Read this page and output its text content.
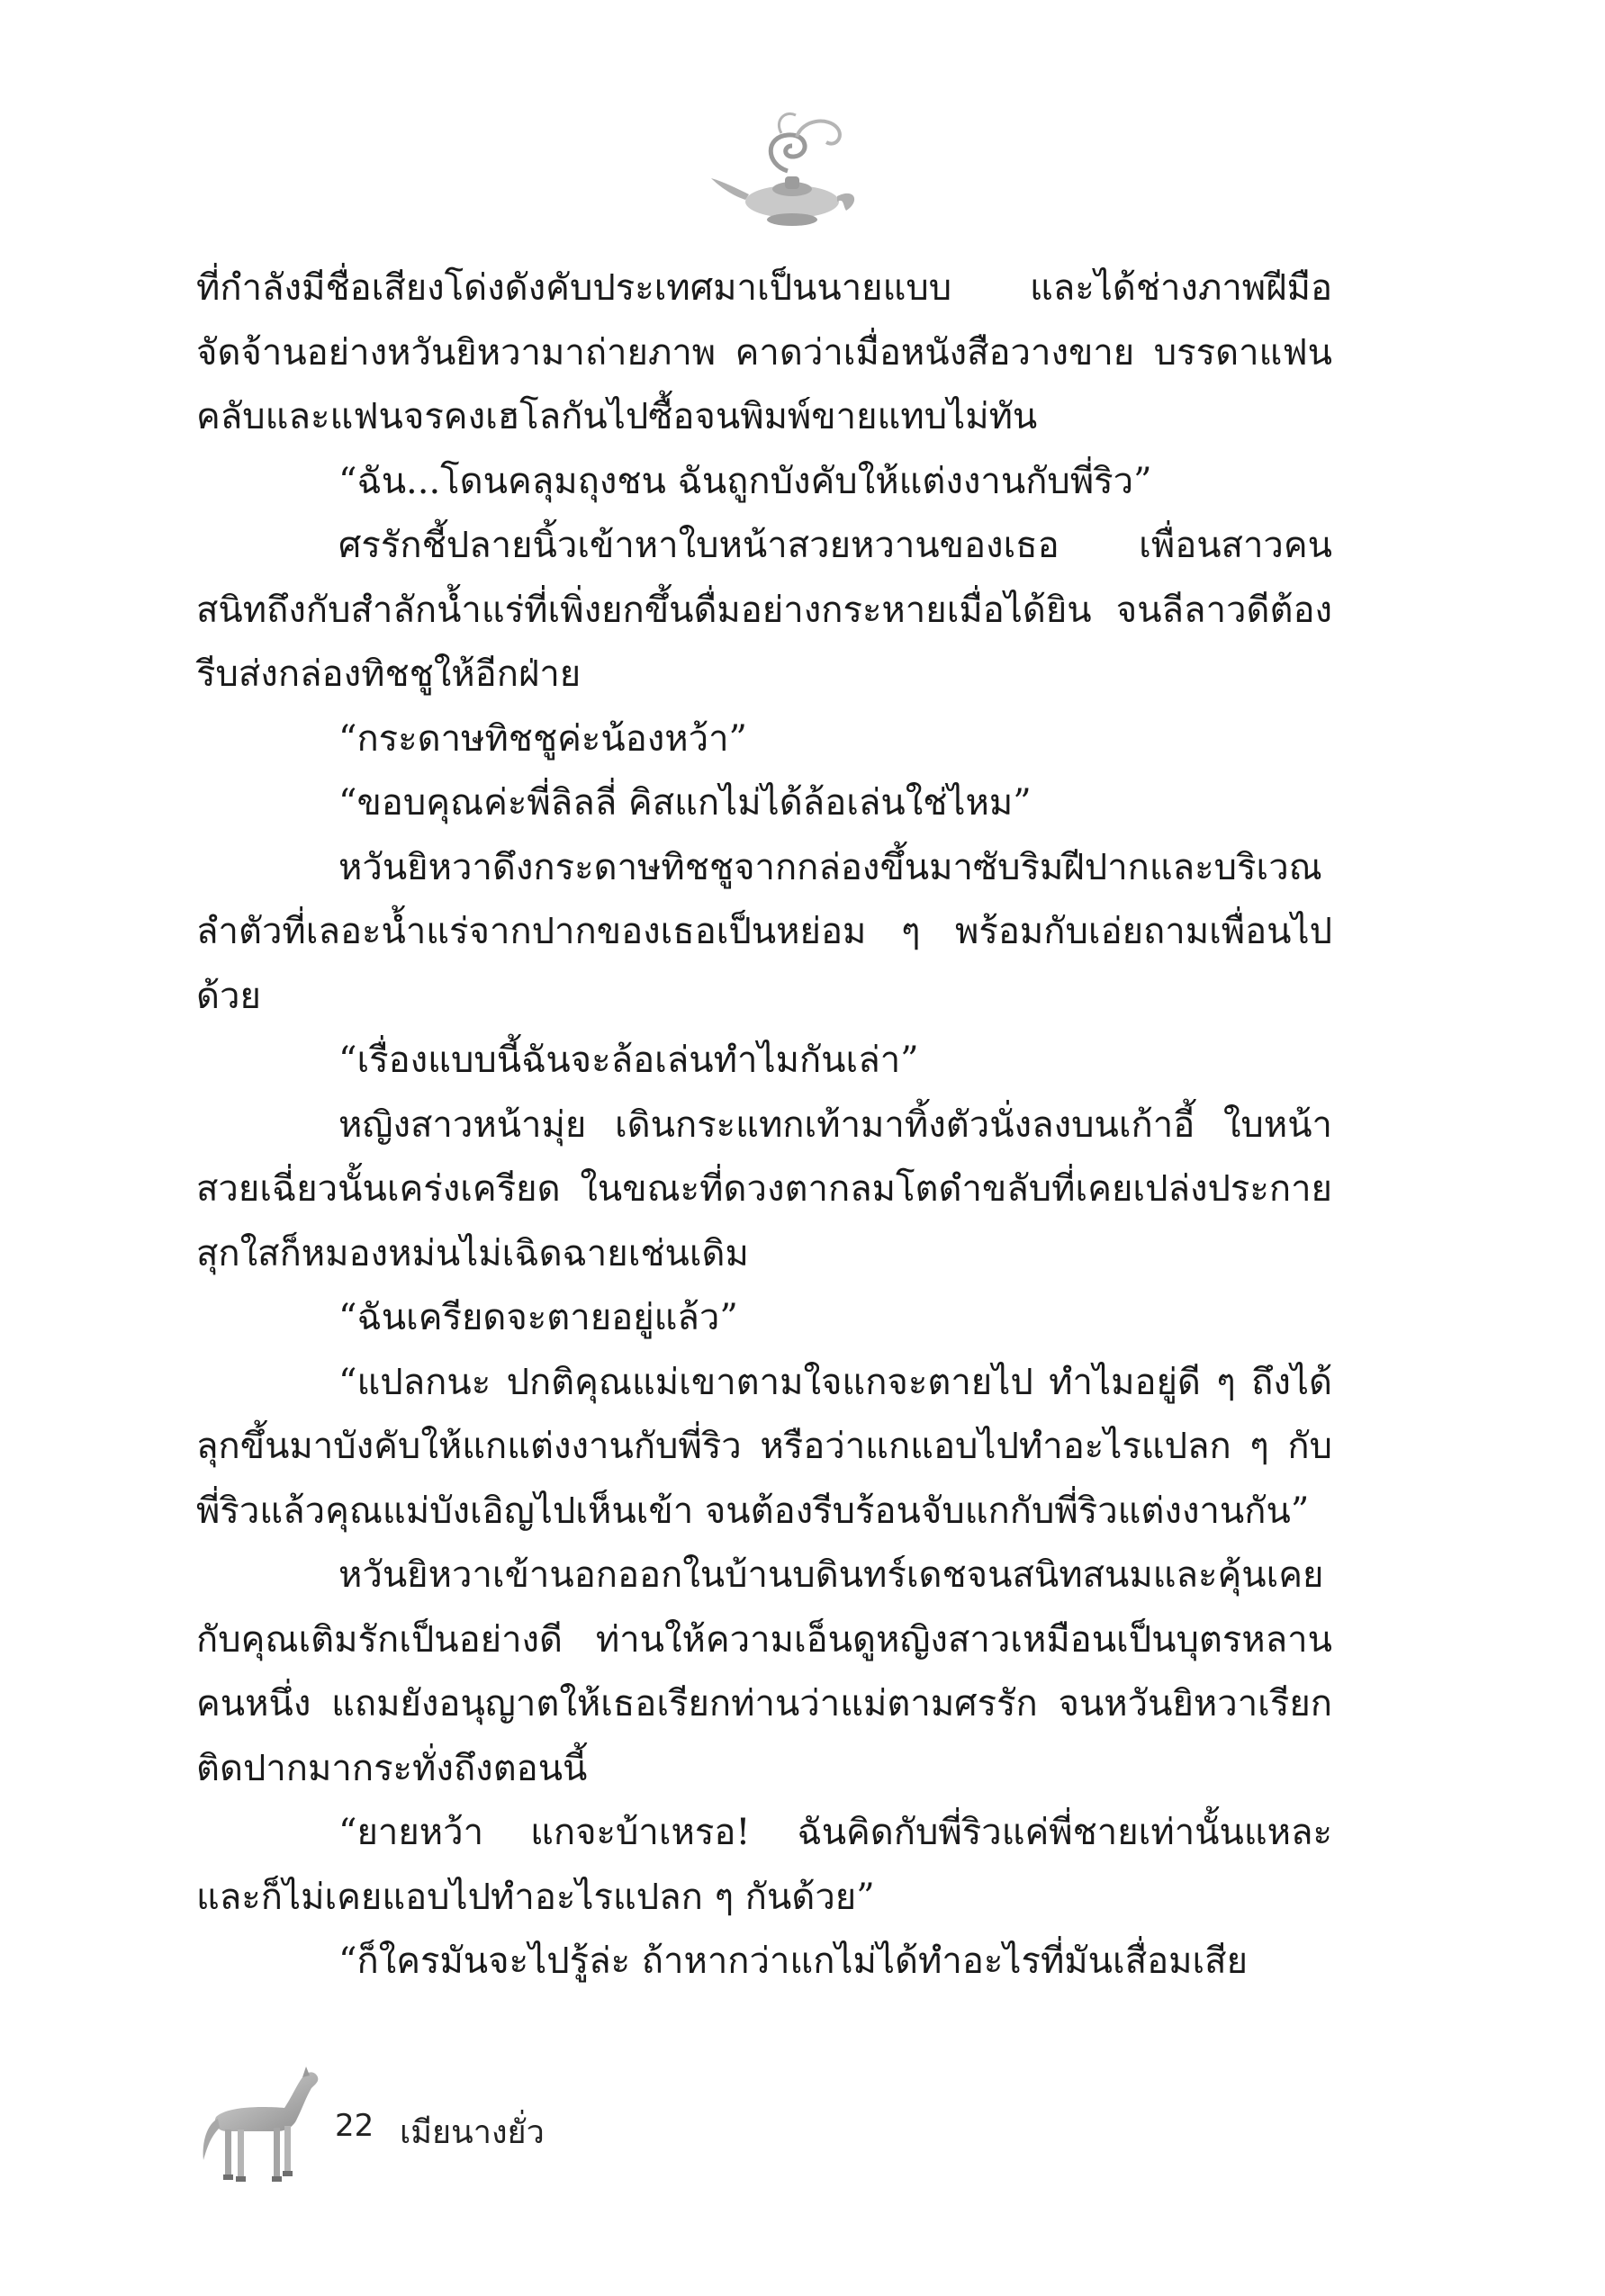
ที่กำลังมีชื่อเสียงโด่งดังคับประเทศมาเป็นนายแบบ และได้ช่างภาพฝีมือจัดจ้านอย่างหวันยิหวามาถ่ายภาพ คาดว่าเมื่อหนังสือวางขาย บรรดาแฟนคลับและแฟนจรคงเฮโลกันไปซื้อจนพิมพ์ขายแทบไม่ทัน

“ฉัน...โดนคลุมถุงชน ฉันถูกบังคับให้แต่งงานกับพี่ริว”

ศรรักชี้ปลายนิ้วเข้าหาใบหน้าสวยหวานของเธอ เพื่อนสาวคนสนิทถึงกับสำลักน้ำแร่ที่เพิ่งยกขึ้นดื่มอย่างกระหายเมื่อได้ยิน จนลีลาวดีต้องรีบส่งกล่องทิชชูให้อีกฝ่าย

“กระดาษทิชชูค่ะน้องหว้า”

“ขอบคุณค่ะพี่ลิลลี่ คิสแกไม่ได้ล้อเล่นใช่ไหม”

หวันยิหวาดึงกระดาษทิชชูจากกล่องขึ้นมาซับริมฝีปากและบริเวณลำตัวที่เลอะน้ำแร่จากปากของเธอเป็นหย่อม ๆ พร้อมกับเอ่ยถามเพื่อนไปด้วย

“เรื่องแบบนี้ฉันจะล้อเล่นทำไมกันเล่า”

หญิงสาวหน้ามุ่ย เดินกระแทกเท้ามาทิ้งตัวนั่งลงบนเก้าอี้ ใบหน้าสวยเฉี่ยวนั้นเคร่งเครียด ในขณะที่ดวงตากลมโตดำขลับที่เคยเปล่งประกายสุกใสก็หมองหม่นไม่เฉิดฉายเช่นเดิม

“ฉันเครียดจะตายอยู่แล้ว”

“แปลกนะ ปกติคุณแม่เขาตามใจแกจะตายไป ทำไมอยู่ดี ๆ ถึงได้ลุกขึ้นมาบังคับให้แกแต่งงานกับพี่ริว หรือว่าแกแอบไปทำอะไรแปลก ๆ กับพี่ริวแล้วคุณแม่บังเอิญไปเห็นเข้า จนต้องรีบร้อนจับแกกับพี่ริวแต่งงานกัน”

หวันยิหวาเข้านอกออกในบ้านบดินทร์เดชจนสนิทสนมและคุ้นเคยกับคุณเติมรักเป็นอย่างดี ท่านให้ความเอ็นดูหญิงสาวเหมือนเป็นบุตรหลานคนหนึ่ง แถมยังอนุญาตให้เธอเรียกท่านว่าแม่ตามศรรัก จนหวันยิหวาเรียกติดปากมากระทั่งถึงตอนนี้

“ยายหว้า แกจะบ้าเหรอ! ฉันคิดกับพี่ริวแค่พี่ชายเท่านั้นแหละ และก็ไม่เคยแอบไปทำอะไรแปลก ๆ กันด้วย”

“ก็ใครมันจะไปรู้ล่ะ ถ้าหากว่าแกไม่ได้ทำอะไรที่มันเสื่อมเสีย

22 เมียนางยั่ว
